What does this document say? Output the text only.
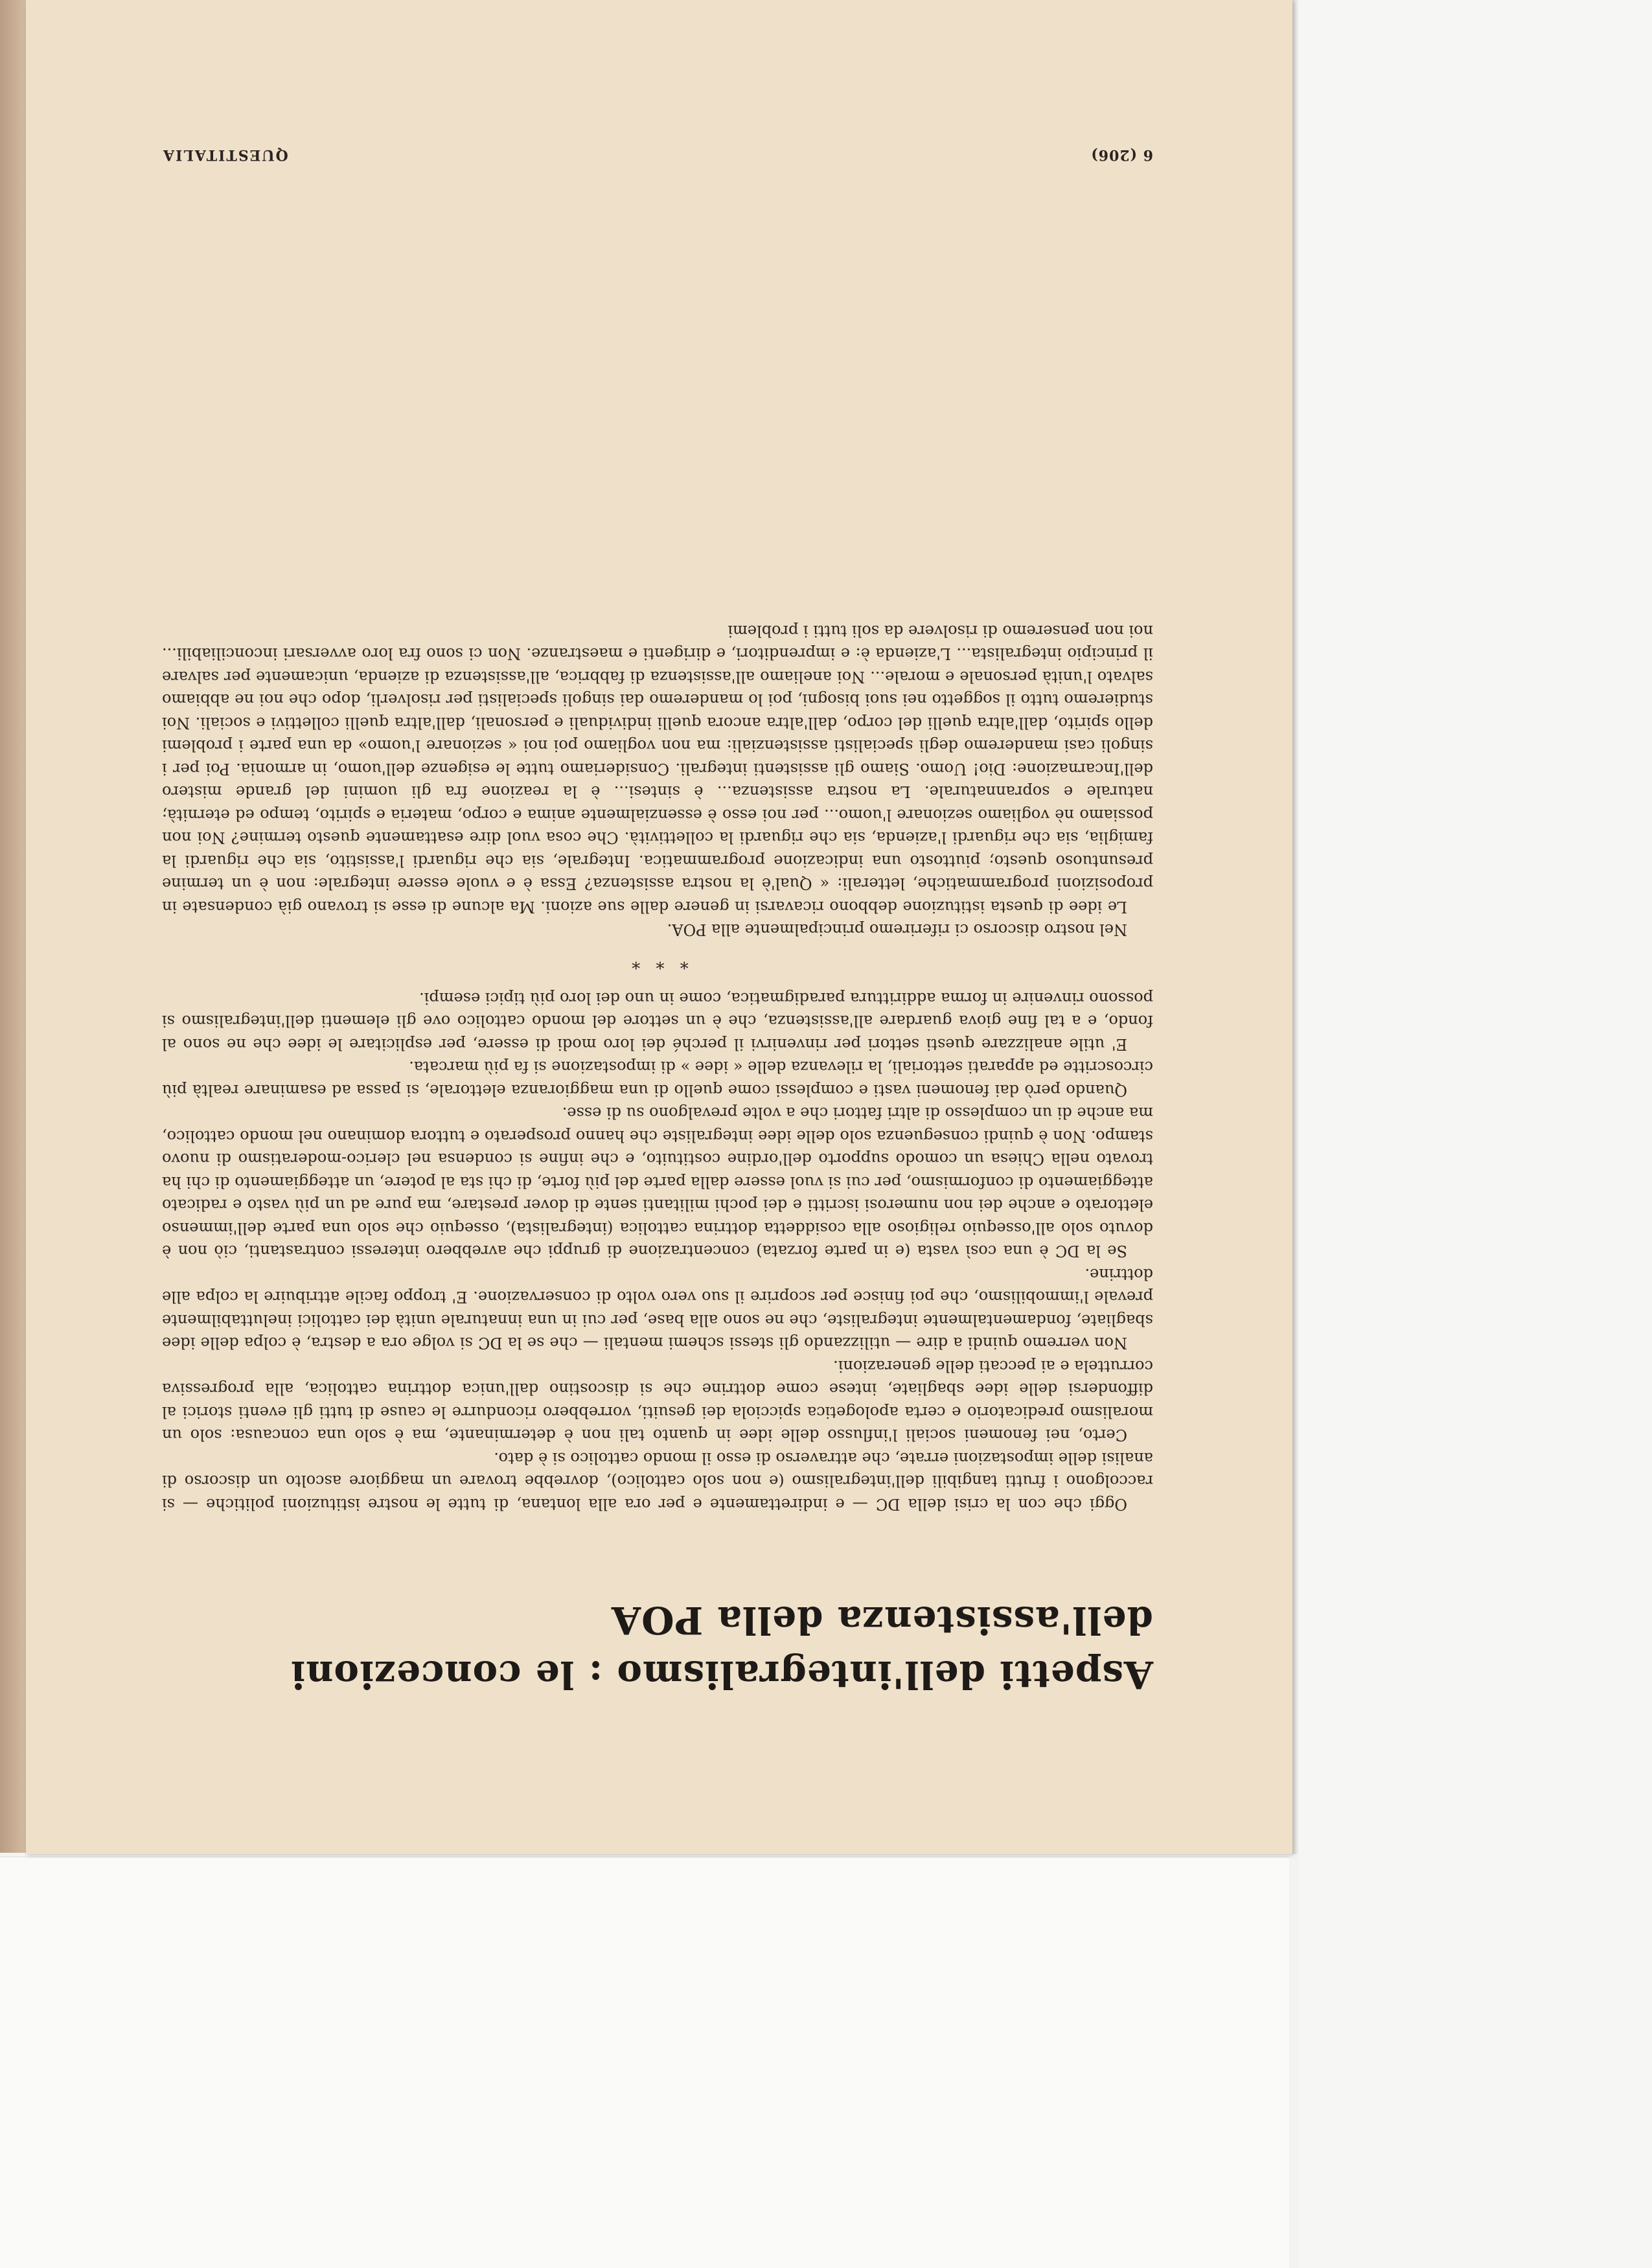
Aspetti dell'integralismo : le concezioni dell'assistenza della POA

Oggi che con la crisi della DC — e indirettamente e per ora alla lontana, di tutte le nostre istituzioni politiche — si raccolgono i frutti tangibili dell'integralismo (e non solo cattolico), dovrebbe trovare un maggiore ascolto un discorso di analisi delle impostazioni errate, che attraverso di esso il mondo cattolico si è dato.

Certo, nei fenomeni sociali l'influsso delle idee in quanto tali non è determinante, ma è solo una concausa: solo un moralismo predicatorio e certa apologetica spicciola dei gesuiti, vorrebbero ricondurre le cause di tutti gli eventi storici al diffondersi delle idee sbagliate, intese come dottrine che si discostino dall'unica dottrina cattolica, alla progressiva corruttela e ai peccati delle generazioni.

Non verremo quindi a dire — utilizzando gli stessi schemi mentali — che se la DC si volge ora a destra, è colpa delle idee sbagliate, fondamentalmente integraliste, che ne sono alla base, per cui in una innaturale unità dei cattolici ineluttabilmente prevale l'immobilismo, che poi finisce per scoprire il suo vero volto di conservazione. E' troppo facile attribuire la colpa alle dottrine.

Se la DC è una così vasta (e in parte forzata) concentrazione di gruppi che avrebbero interessi contrastanti, ciò non è dovuto solo all'ossequio religioso alla cosiddetta dottrina cattolica (integralista), ossequio che solo una parte dell'immenso elettorato e anche dei non numerosi iscritti e dei pochi militanti sente di dover prestare, ma pure ad un più vasto e radicato atteggiamento di conformismo, per cui si vuol essere dalla parte del più forte, di chi sta al potere, un atteggiamento di chi ha trovato nella Chiesa un comodo supporto dell'ordine costituito, e che infine si condensa nel clerico-moderatismo di nuovo stampo. Non è quindi conseguenza solo delle idee integraliste che hanno prosperato e tuttora dominano nel mondo cattolico, ma anche di un complesso di altri fattori che a volte prevalgono su di esse.

Quando però dai fenomeni vasti e complessi come quello di una maggioranza elettorale, si passa ad esaminare realtà più circoscritte ed apparati settoriali, la rilevanza delle « idee » di impostazione si fa più marcata.

E' utile analizzare questi settori per rinvenirvi il perché dei loro modi di essere, per esplicitare le idee che ne sono al fondo, e a tal fine giova guardare all'assistenza, che è un settore del mondo cattolico ove gli elementi dell'integralismo si possono rinvenire in forma addirittura paradigmatica, come in uno dei loro più tipici esempi.

* * *

Nel nostro discorso ci riferiremo principalmente alla POA.

Le idee di questa istituzione debbono ricavarsi in genere dalle sue azioni. Ma alcune di esse si trovano già condensate in proposizioni programmatiche, letterali: « Qual'è la nostra assistenza? Essa è e vuole essere integrale: non è un termine presuntuoso questo; piuttosto una indicazione programmatica. Integrale, sia che riguardi l'assistito, sia che riguardi la famiglia, sia che riguardi l'azienda, sia che riguardi la collettività. Che cosa vuol dire esattamente questo termine? Noi non possiamo nè vogliamo sezionare l'uomo... per noi esso è essenzialmente anima e corpo, materia e spirito, tempo ed eternità; naturale e soprannaturale. La nostra assistenza... è sintesi... è la reazione fra gli uomini del grande mistero dell'Incarnazione: Dio! Uomo. Siamo gli assistenti integrali. Consideriamo tutte le esigenze dell'uomo, in armonia. Poi per i singoli casi manderemo degli specialisti assistenziali: ma non vogliamo poi noi « sezionare l'uomo» da una parte i problemi dello spirito, dall'altra quelli del corpo, dall'altra ancora quelli individuali e personali, dall'altra quelli collettivi e sociali. Noi studieremo tutto il soggetto nei suoi bisogni, poi lo manderemo dai singoli specialisti per risolverli, dopo che noi ne abbiamo salvato l'unità personale e morale... Noi aneliamo all'assistenza di fabbrica, all'assistenza di azienda, unicamente per salvare il principio integralista... L'azienda è: e imprenditori, e dirigenti e maestranze. Non ci sono fra loro avversari inconciliabili... noi non penseremo di risolvere da soli tutti i problemi

6 (206)
QUESTITALIA
